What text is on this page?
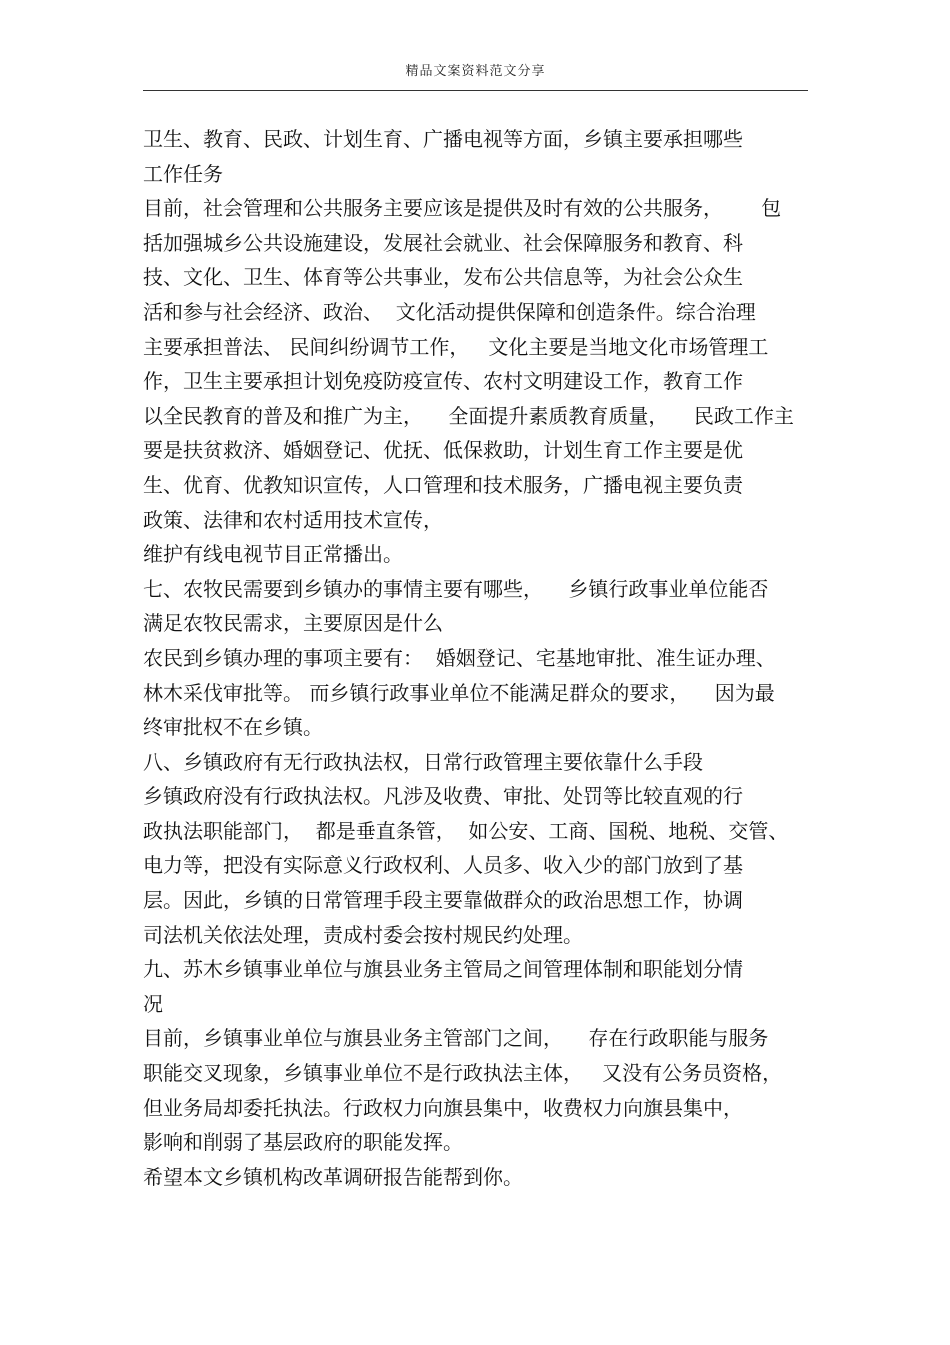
精品文案资料范文分享
卫生、教育、民政、计划生育、广播电视等方面，乡镇主要承担哪些
工作任务
目前，社会管理和公共服务主要应该是提供及时有效的公共服务，      包
括加强城乡公共设施建设，发展社会就业、社会保障服务和教育、科
技、文化、卫生、体育等公共事业，发布公共信息等，为社会公众生
活和参与社会经济、政治、  文化活动提供保障和创造条件。综合治理
主要承担普法、 民间纠纷调节工作，   文化主要是当地文化市场管理工
作，卫生主要承担计划免疫防疫宣传、农村文明建设工作，教育工作
以全民教育的普及和推广为主，    全面提升素质教育质量，    民政工作主
要是扶贫救济、婚姻登记、优抚、低保救助，计划生育工作主要是优
生、优育、优教知识宣传，人口管理和技术服务，广播电视主要负责
政策、法律和农村适用技术宣传，
维护有线电视节目正常播出。
七、农牧民需要到乡镇办的事情主要有哪些，    乡镇行政事业单位能否
满足农牧民需求，主要原因是什么
农民到乡镇办理的事项主要有：  婚姻登记、宅基地审批、准生证办理、
林木采伐审批等。 而乡镇行政事业单位不能满足群众的要求，    因为最
终审批权不在乡镇。
八、乡镇政府有无行政执法权，日常行政管理主要依靠什么手段
乡镇政府没有行政执法权。凡涉及收费、审批、处罚等比较直观的行
政执法职能部门，  都是垂直条管，  如公安、工商、国税、地税、交管、
电力等，把没有实际意义行政权利、人员多、收入少的部门放到了基
层。因此，乡镇的日常管理手段主要靠做群众的政治思想工作，协调
司法机关依法处理，责成村委会按村规民约处理。
九、苏木乡镇事业单位与旗县业务主管局之间管理体制和职能划分情
况
目前，乡镇事业单位与旗县业务主管部门之间，    存在行政职能与服务
职能交叉现象，乡镇事业单位不是行政执法主体，   又没有公务员资格，
但业务局却委托执法。行政权力向旗县集中，收费权力向旗县集中，
影响和削弱了基层政府的职能发挥。
希望本文乡镇机构改革调研报告能帮到你。
